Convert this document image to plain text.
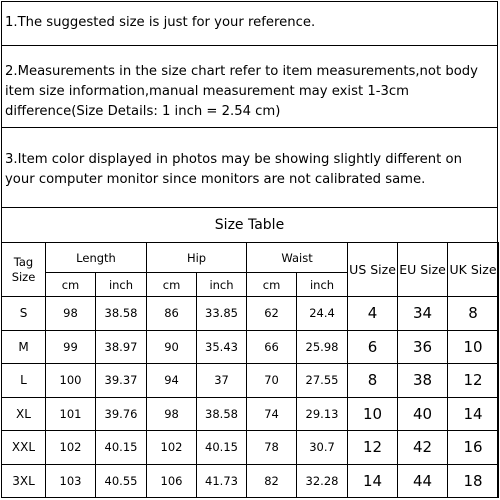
1.The suggested size is just for your reference.
2.Measurements in the size chart refer to item measurements,not body item size information,manual measurement may exist 1-3cm difference(Size Details: 1 inch = 2.54 cm)
3.Item color displayed in photos may be showing slightly different on your computer monitor since monitors are not calibrated same.
Size Table
Tag
Size	Length		Hip		Waist		US Size	EU Size	UK Size
	cm	inch	cm	inch	cm	inch			
S	98	38.58	86	33.85	62	24.4	4	34	8
M	99	38.97	90	35.43	66	25.98	6	36	10
L	100	39.37	94	37	70	27.55	8	38	12
XL	101	39.76	98	38.58	74	29.13	10	40	14
XXL	102	40.15	102	40.15	78	30.7	12	42	16
3XL	103	40.55	106	41.73	82	32.28	14	44	18
